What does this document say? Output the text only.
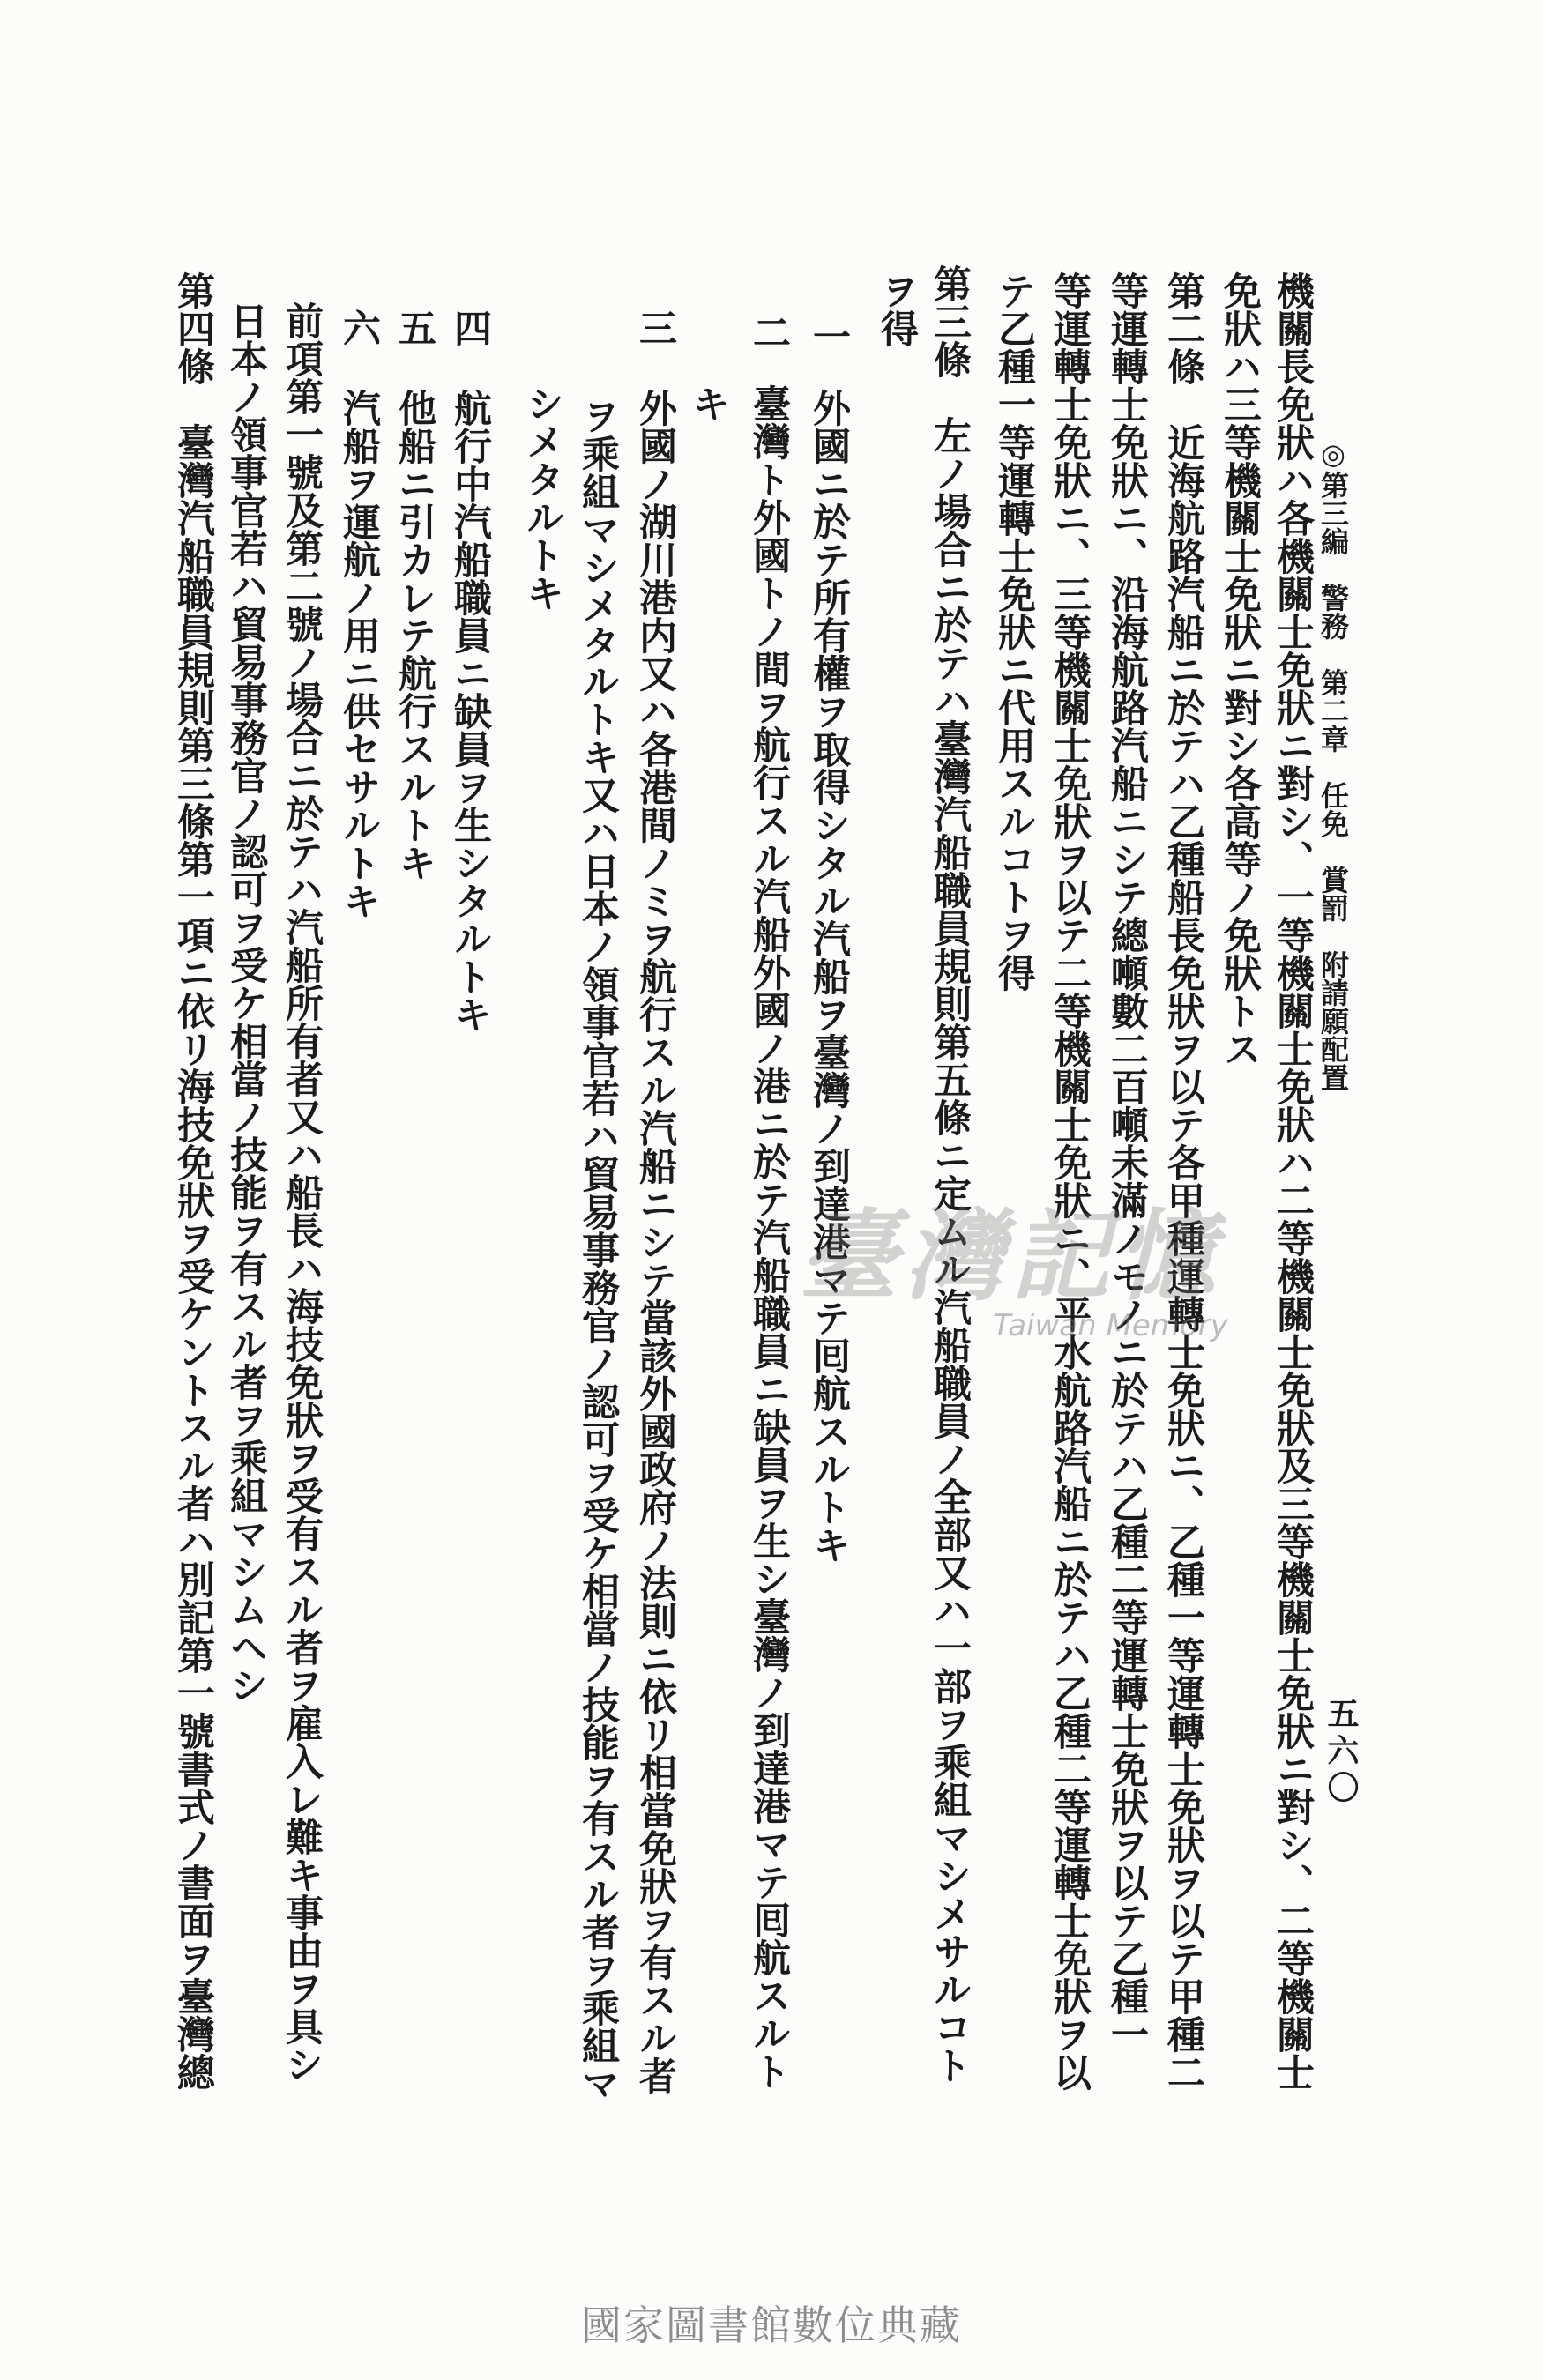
◎第三編　警務　第二章　任免　賞罰　附請願配置
五六〇
機關長免狀ハ各機關士免狀ニ對シ、一等機關士免狀ハ二等機關士免狀及三等機關士免狀ニ對シ、二等機關士
免狀ハ三等機關士免狀ニ對シ各高等ノ免狀トス
第二條近海航路汽船ニ於テハ乙種船長免狀ヲ以テ各甲種運轉士免狀ニ、乙種一等運轉士免狀ヲ以テ甲種二
等運轉士免狀ニ、沿海航路汽船ニシテ總噸數二百噸未滿ノモノニ於テハ乙種二等運轉士免狀ヲ以テ乙種一
等運轉士免狀ニ、三等機關士免狀ヲ以テ二等機關士免狀ニ、平水航路汽船ニ於テハ乙種二等運轉士免狀ヲ以
テ乙種一等運轉士免狀ニ代用スルコトヲ得
第三條左ノ場合ニ於テハ臺灣汽船職員規則第五條ニ定ムル汽船職員ノ全部又ハ一部ヲ乘組マシメサルコト
ヲ得
一
外國ニ於テ所有權ヲ取得シタル汽船ヲ臺灣ノ到達港マテ囘航スルトキ
二
臺灣ト外國トノ間ヲ航行スル汽船外國ノ港ニ於テ汽船職員ニ缺員ヲ生シ臺灣ノ到達港マテ囘航スルト
キ
三
外國ノ湖川港内又ハ各港間ノミヲ航行スル汽船ニシテ當該外國政府ノ法則ニ依リ相當免狀ヲ有スル者
ヲ乘組マシメタルトキ又ハ日本ノ領事官若ハ貿易事務官ノ認可ヲ受ケ相當ノ技能ヲ有スル者ヲ乘組マ
シメタルトキ
四
航行中汽船職員ニ缺員ヲ生シタルトキ
五
他船ニ引カレテ航行スルトキ
六
汽船ヲ運航ノ用ニ供セサルトキ
前項第一號及第二號ノ場合ニ於テハ汽船所有者又ハ船長ハ海技免狀ヲ受有スル者ヲ雇入レ難キ事由ヲ具シ
日本ノ領事官若ハ貿易事務官ノ認可ヲ受ケ相當ノ技能ヲ有スル者ヲ乘組マシムヘシ
第四條臺灣汽船職員規則第三條第一項ニ依リ海技免狀ヲ受ケントスル者ハ別記第一號書式ノ書面ヲ臺灣總	臺灣記憶
Taiwan Memory
國家圖書館數位典藏
